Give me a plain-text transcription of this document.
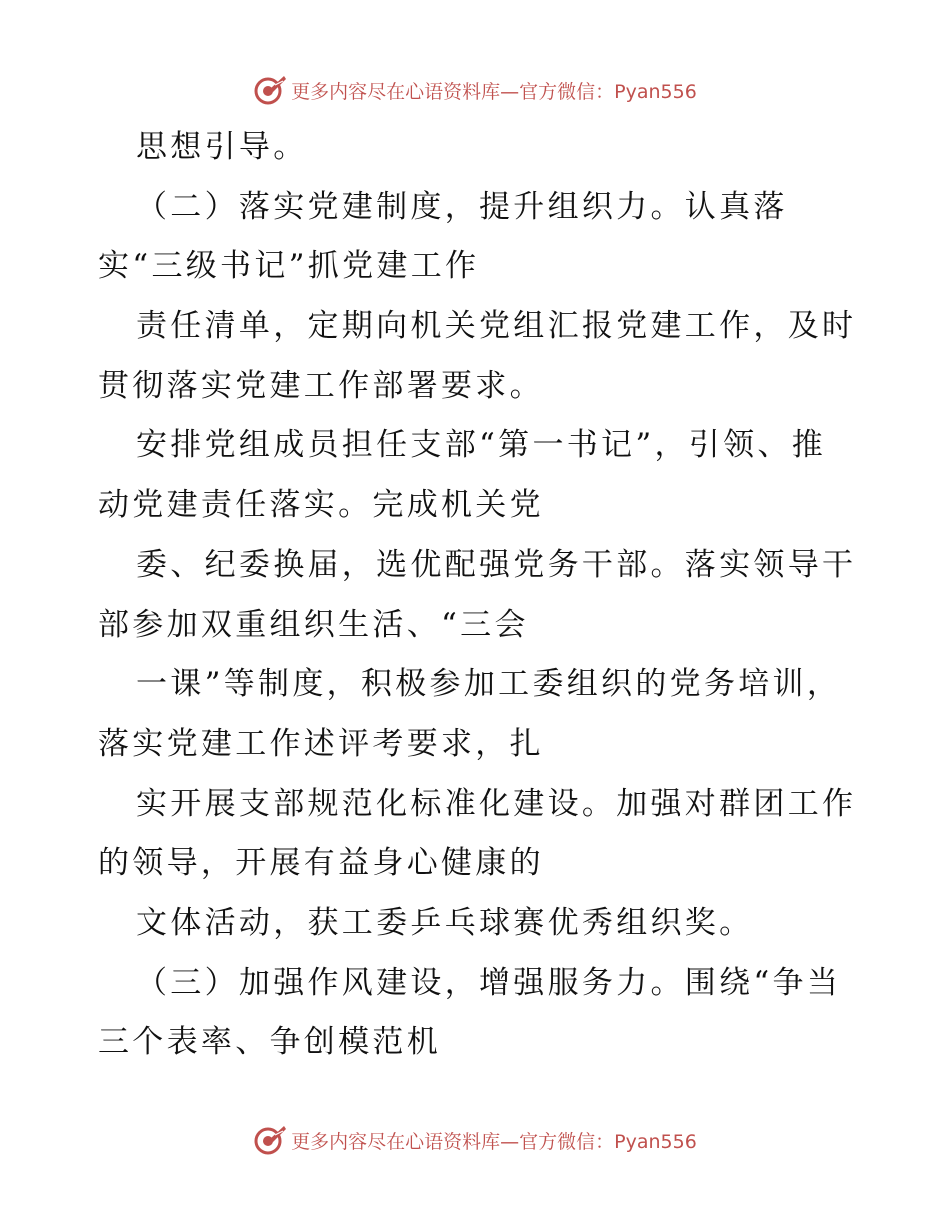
更多内容尽在心语资料库—官方微信：Pyan556
思想引导。
（二）落实党建制度，提升组织力。认真落
实“三级书记”抓党建工作
责任清单，定期向机关党组汇报党建工作，及时
贯彻落实党建工作部署要求。
安排党组成员担任支部“第一书记”，引领、推
动党建责任落实。完成机关党
委、纪委换届，选优配强党务干部。落实领导干
部参加双重组织生活、“三会
一课”等制度，积极参加工委组织的党务培训，
落实党建工作述评考要求，扎
实开展支部规范化标准化建设。加强对群团工作
的领导，开展有益身心健康的
文体活动，获工委乒乓球赛优秀组织奖。
（三）加强作风建设，增强服务力。围绕“争当
三个表率、争创模范机
更多内容尽在心语资料库—官方微信：Pyan556
